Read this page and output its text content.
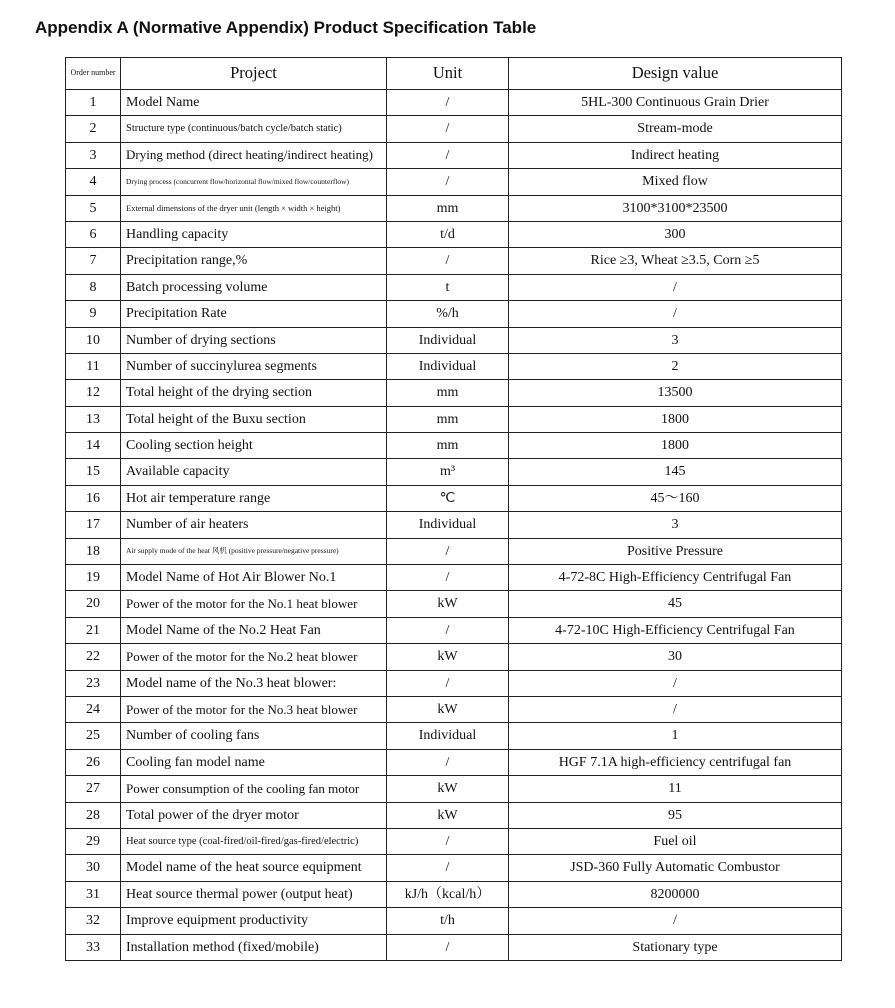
Appendix A (Normative Appendix) Product Specification Table
Order number	Project	Unit	Design value
1	Model Name	/	5HL-300 Continuous Grain Drier
2	Structure type (continuous/batch cycle/batch static)	/	Stream-mode
3	Drying method (direct heating/indirect heating)	/	Indirect heating
4	Drying process (concurrent flow/horizontal flow/mixed flow/counterflow)	/	Mixed flow
5	External dimensions of the dryer unit (length × width × height)	mm	3100*3100*23500
6	Handling capacity	t/d	300
7	Precipitation range,%	/	Rice ≥3, Wheat ≥3.5, Corn ≥5
8	Batch processing volume	t	/
9	Precipitation Rate	%/h	/
10	Number of drying sections	Individual	3
11	Number of succinylurea segments	Individual	2
12	Total height of the drying section	mm	13500
13	Total height of the Buxu section	mm	1800
14	Cooling section height	mm	1800
15	Available capacity	m³	145
16	Hot air temperature range	℃	45～160
17	Number of air heaters	Individual	3
18	Air supply mode of the heat 风机 (positive pressure/negative pressure)	/	Positive Pressure
19	Model Name of Hot Air Blower No.1	/	4-72-8C High-Efficiency Centrifugal Fan
20	Power of the motor for the No.1 heat blower	kW	45
21	Model Name of the No.2 Heat Fan	/	4-72-10C High-Efficiency Centrifugal Fan
22	Power of the motor for the No.2 heat blower	kW	30
23	Model name of the No.3 heat blower:	/	/
24	Power of the motor for the No.3 heat blower	kW	/
25	Number of cooling fans	Individual	1
26	Cooling fan model name	/	HGF 7.1A high-efficiency centrifugal fan
27	Power consumption of the cooling fan motor	kW	11
28	Total power of the dryer motor	kW	95
29	Heat source type (coal-fired/oil-fired/gas-fired/electric)	/	Fuel oil
30	Model name of the heat source equipment	/	JSD-360 Fully Automatic Combustor
31	Heat source thermal power (output heat)	kJ/h（kcal/h）	8200000
32	Improve equipment productivity	t/h	/
33	Installation method (fixed/mobile)	/	Stationary type
